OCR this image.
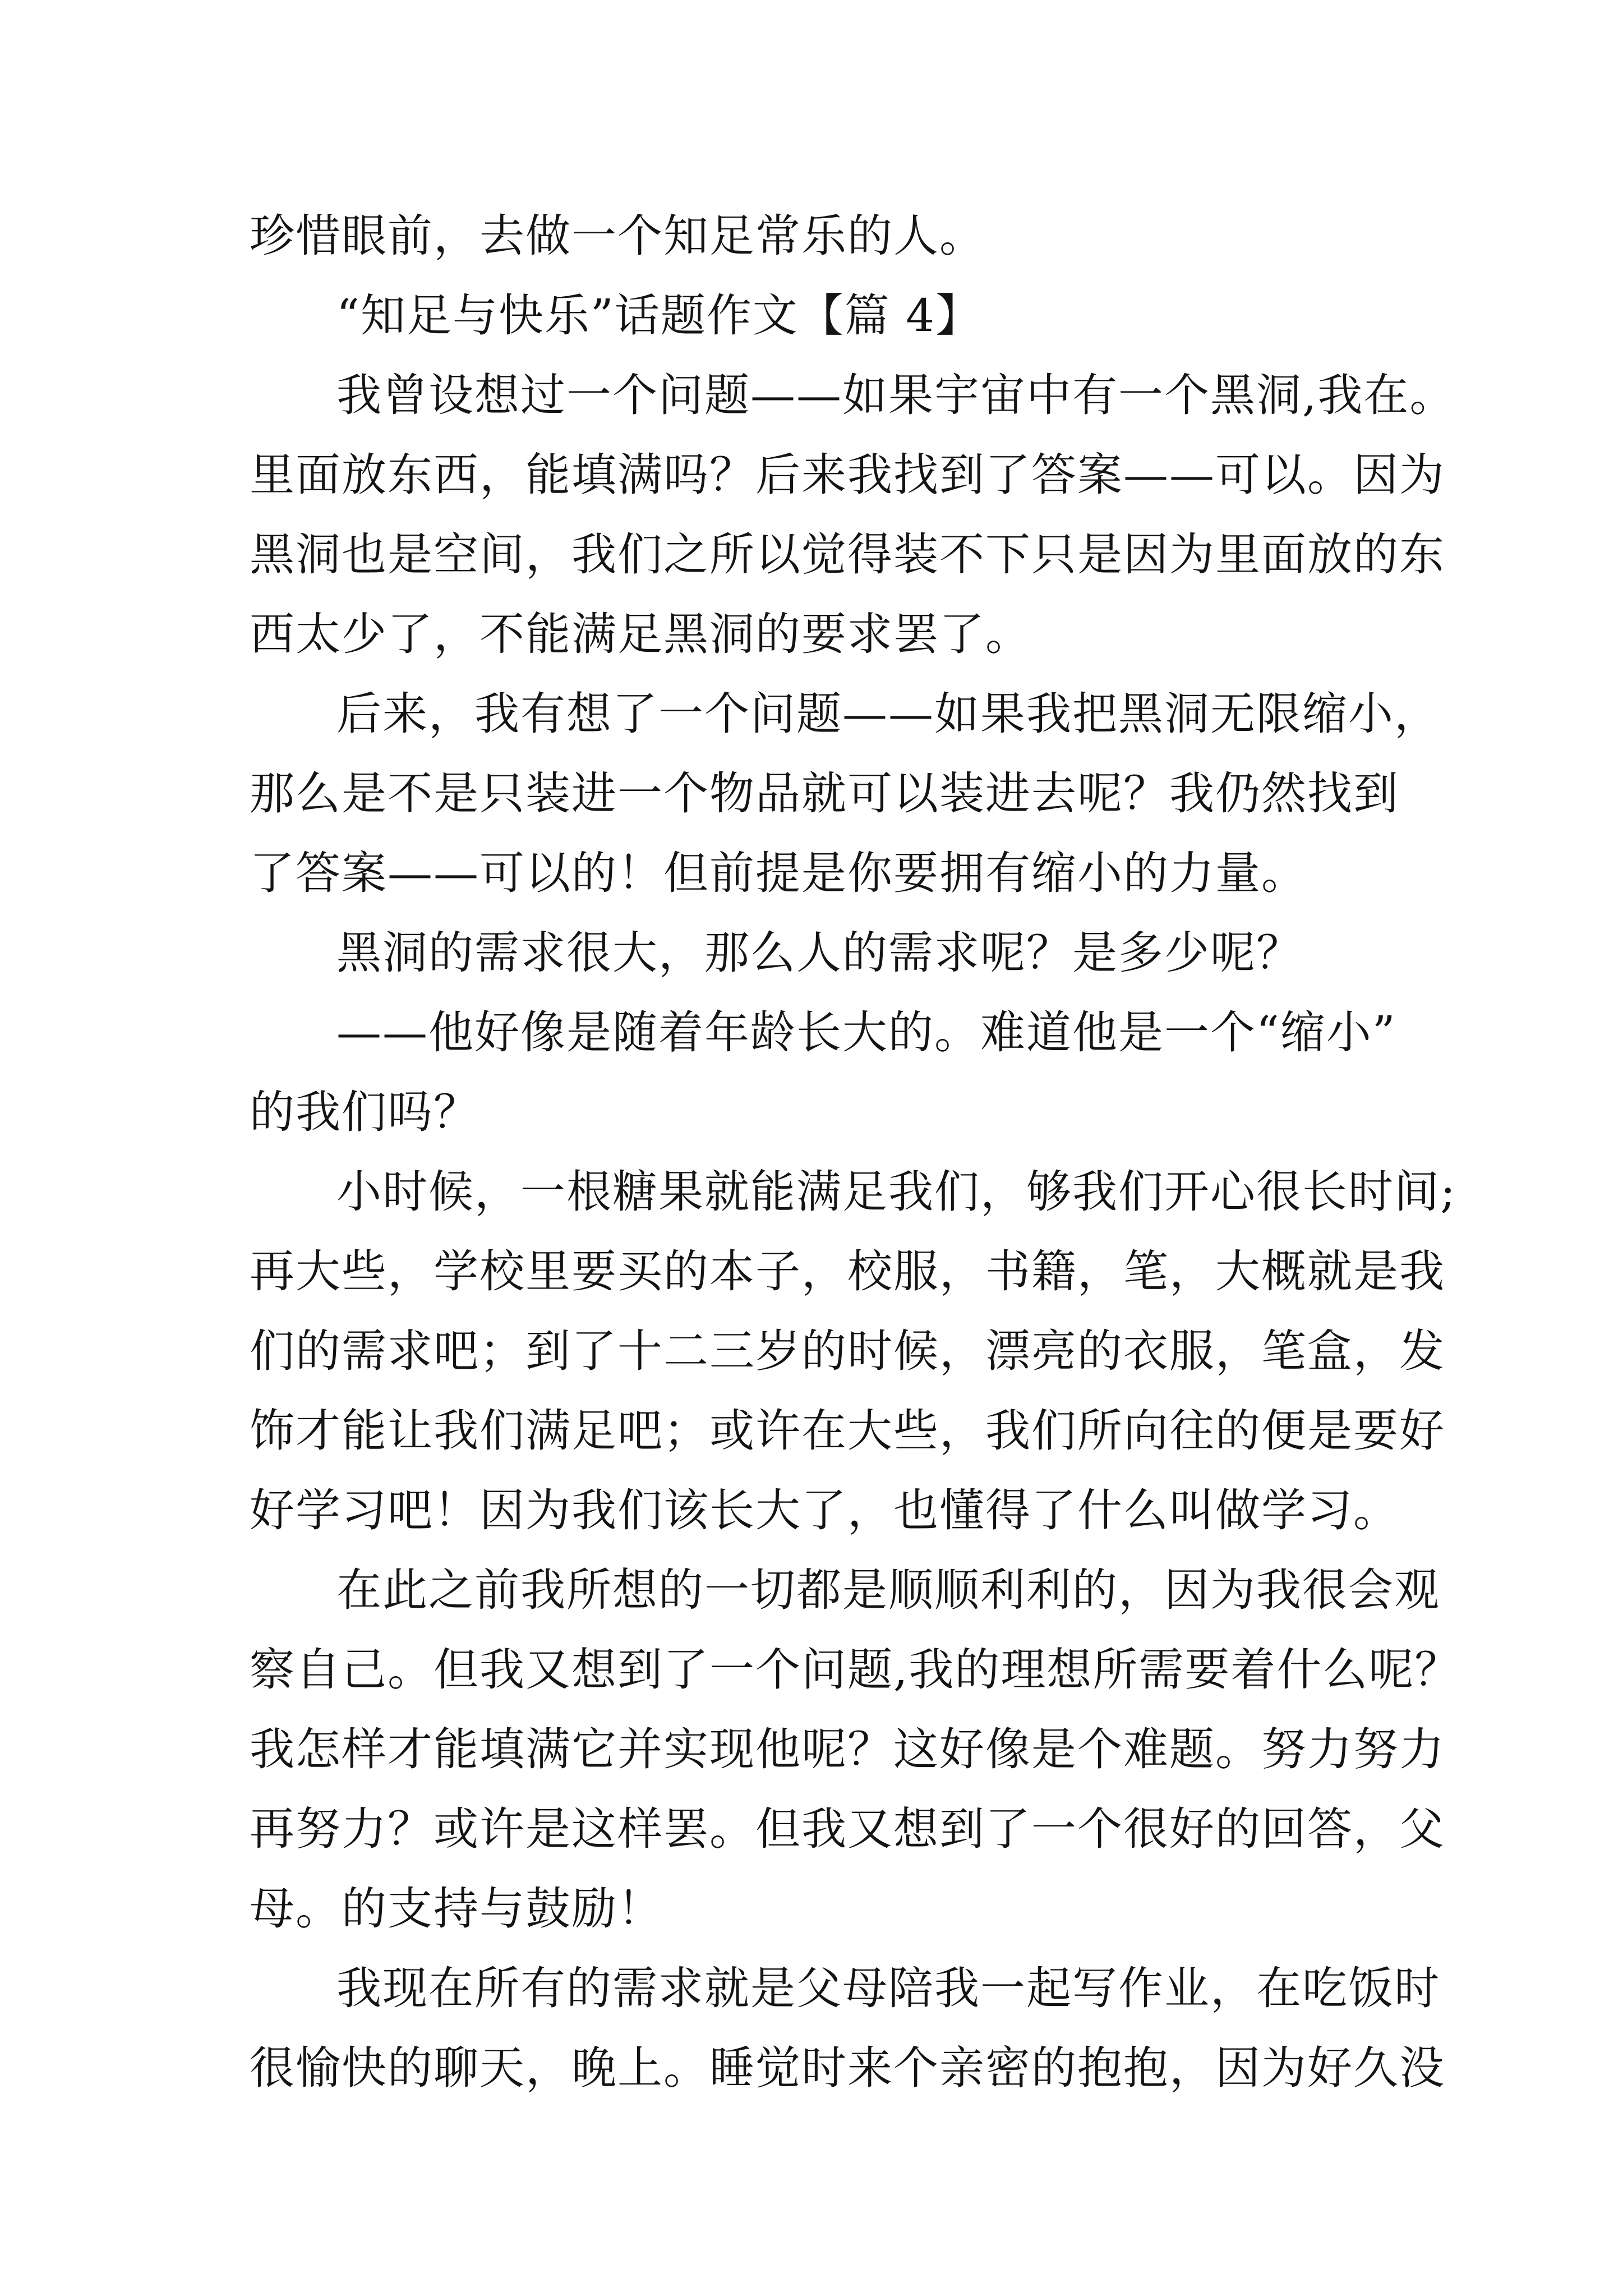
珍惜眼前，去做一个知足常乐的人。

“知足与快乐”话题作文【篇 4】

我曾设想过一个问题——如果宇宙中有一个黑洞,我在。

里面放东西，能填满吗？后来我找到了答案——可以。因为

黑洞也是空间，我们之所以觉得装不下只是因为里面放的东

西太少了，不能满足黑洞的要求罢了。

后来，我有想了一个问题——如果我把黑洞无限缩小，

那么是不是只装进一个物品就可以装进去呢？我仍然找到

了答案——可以的！但前提是你要拥有缩小的力量。

黑洞的需求很大，那么人的需求呢？是多少呢？

——他好像是随着年龄长大的。难道他是一个“缩小”

的我们吗？

小时候，一根糖果就能满足我们，够我们开心很长时间;

再大些，学校里要买的本子，校服，书籍，笔，大概就是我

们的需求吧；到了十二三岁的时候，漂亮的衣服，笔盒，发

饰才能让我们满足吧；或许在大些，我们所向往的便是要好

好学习吧！因为我们该长大了，也懂得了什么叫做学习。

在此之前我所想的一切都是顺顺利利的，因为我很会观

察自己。但我又想到了一个问题,我的理想所需要着什么呢？

我怎样才能填满它并实现他呢？这好像是个难题。努力努力

再努力？或许是这样罢。但我又想到了一个很好的回答，父

母。的支持与鼓励！

我现在所有的需求就是父母陪我一起写作业，在吃饭时

很愉快的聊天，晚上。睡觉时来个亲密的抱抱，因为好久没
